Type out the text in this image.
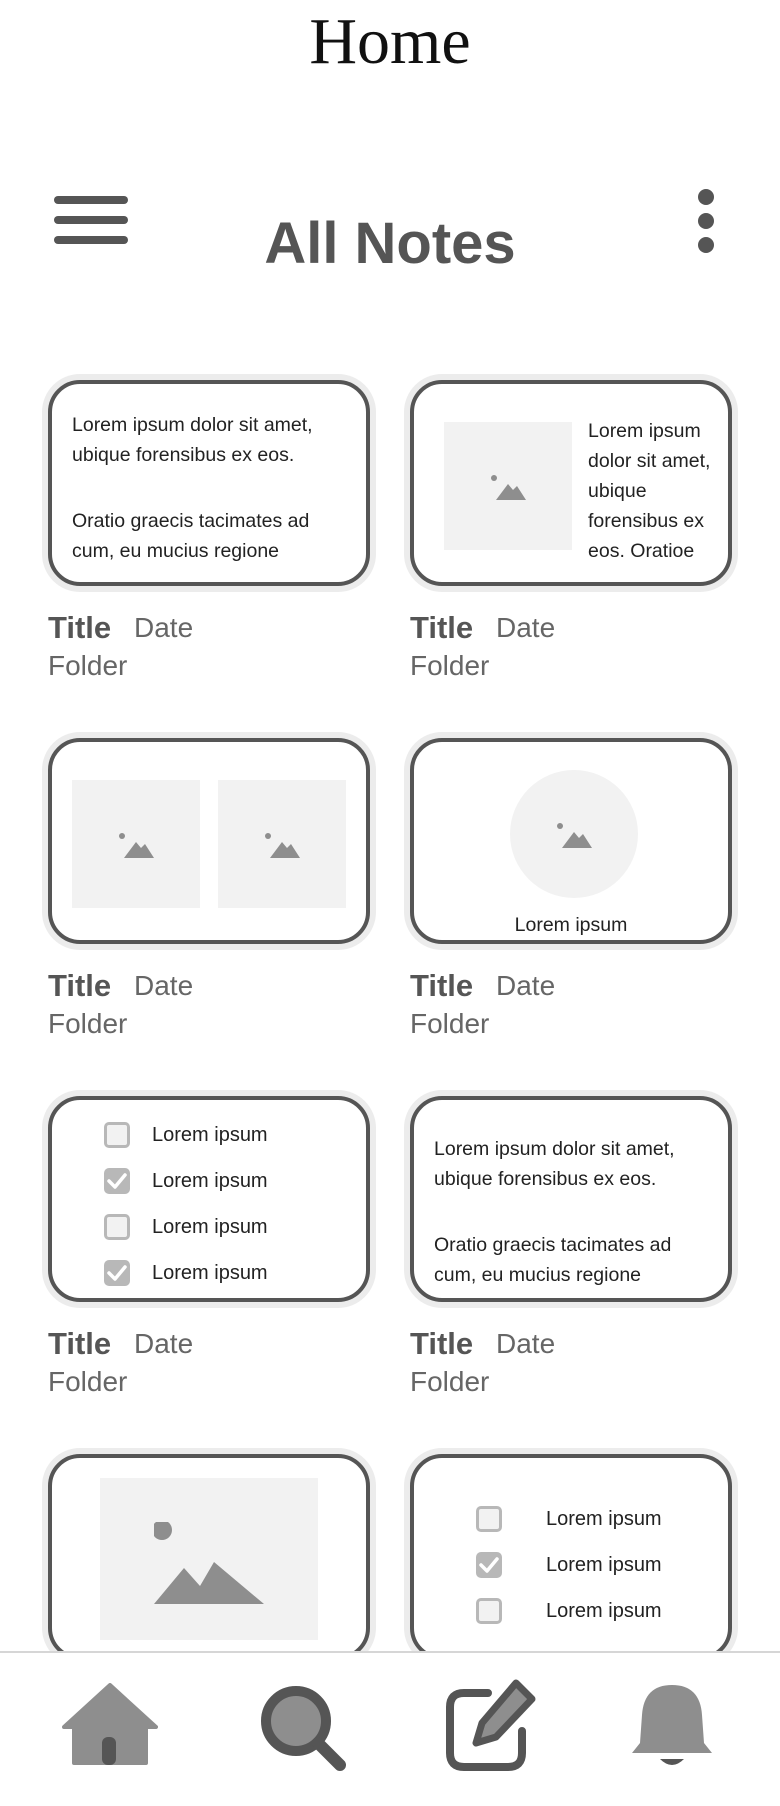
Home
All Notes
Lorem ipsum dolor sit amet, ubique forensibus ex eos.
Oratio graecis tacimates ad cum, eu mucius regione
Title Date
Folder
Lorem ipsum dolor sit amet, ubique forensibus ex eos. Oratioe
Title Date
Folder
Title Date
Folder
Lorem ipsum
Title Date
Folder
Lorem ipsum
Lorem ipsum
Lorem ipsum
Lorem ipsum
Title Date
Folder
Lorem ipsum dolor sit amet, ubique forensibus ex eos.
Oratio graecis tacimates ad cum, eu mucius regione
Title Date
Folder
Lorem ipsum
Lorem ipsum
Lorem ipsum
